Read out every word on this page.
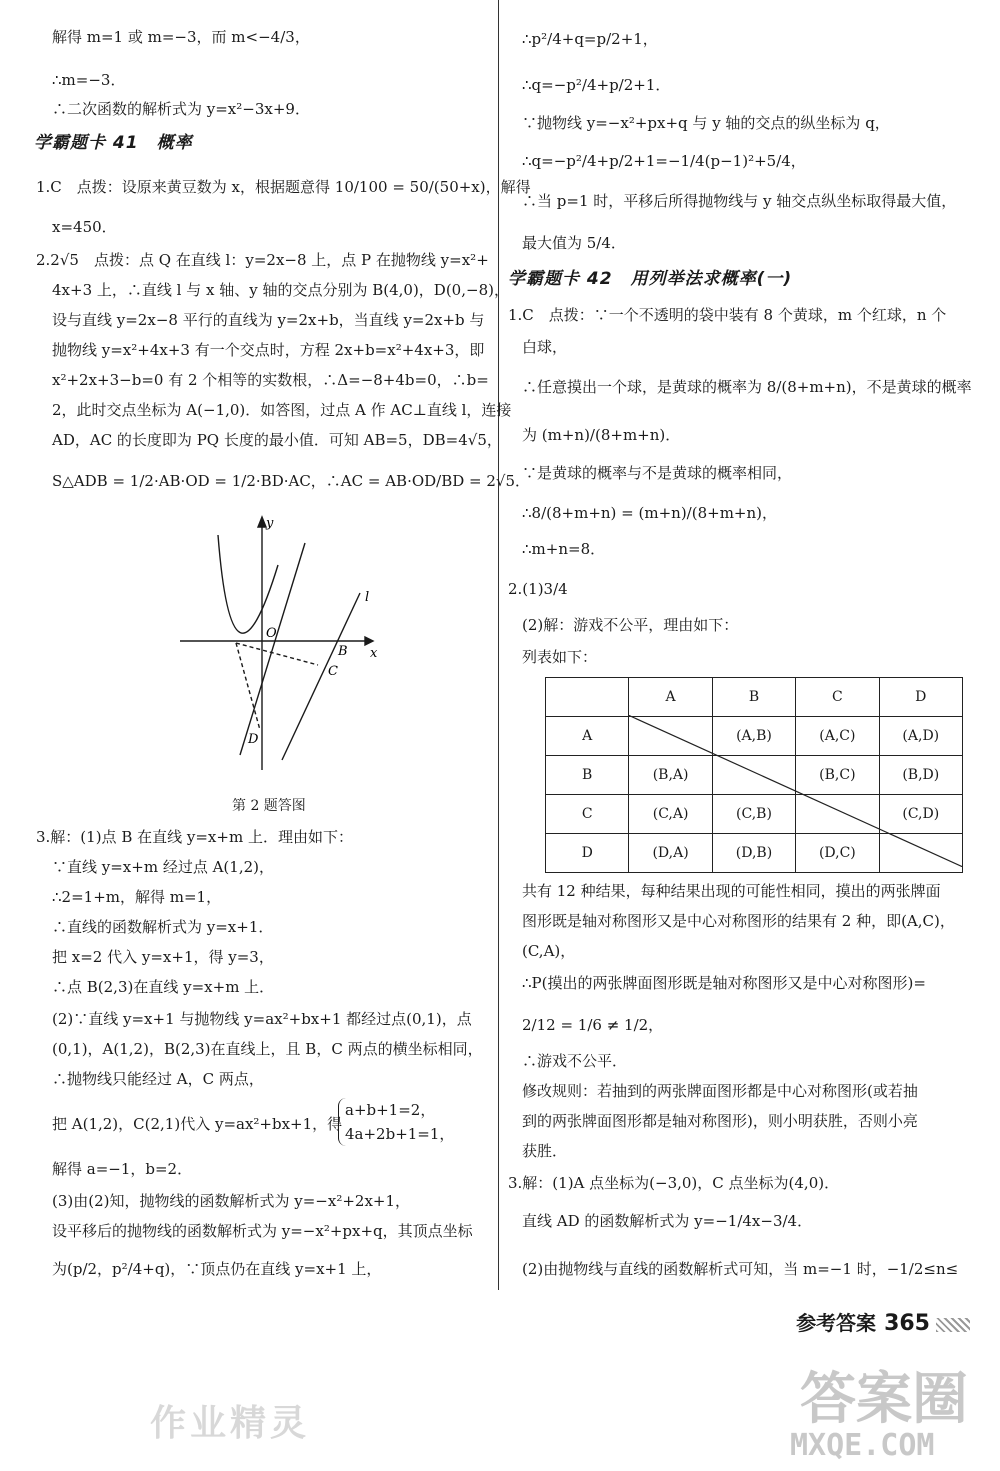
解得 m=1 或 m=−3，而 m<−4/3，
∴m=−3．
∴二次函数的解析式为 y=x²−3x+9．
学霸题卡 41　概率
1.C　点拨：设原来黄豆数为 x，根据题意得 10/100 = 50/(50+x)，解得
x=450．
2.2√5　点拨：点 Q 在直线 l：y=2x−8 上，点 P 在抛物线 y=x²+
4x+3 上，∴直线 l 与 x 轴、y 轴的交点分别为 B(4,0)，D(0,−8)，
设与直线 y=2x−8 平行的直线为 y=2x+b，当直线 y=2x+b 与
抛物线 y=x²+4x+3 有一个交点时，方程 2x+b=x²+4x+3，即
x²+2x+3−b=0 有 2 个相等的实数根，∴Δ=−8+4b=0，∴b=
2，此时交点坐标为 A(−1,0)．如答图，过点 A 作 AC⊥直线 l，连接
AD，AC 的长度即为 PQ 长度的最小值．可知 AB=5，DB=4√5，
S△ADB = 1/2·AB·OD = 1/2·BD·AC，∴AC = AB·OD/BD = 2√5．
y
x
O
B
C
D
l
第 2 题答图
3.解：(1)点 B 在直线 y=x+m 上．理由如下：
∵直线 y=x+m 经过点 A(1,2)，
∴2=1+m，解得 m=1，
∴直线的函数解析式为 y=x+1．
把 x=2 代入 y=x+1，得 y=3，
∴点 B(2,3)在直线 y=x+m 上．
(2)∵直线 y=x+1 与抛物线 y=ax²+bx+1 都经过点(0,1)，点
(0,1)，A(1,2)，B(2,3)在直线上，且 B，C 两点的横坐标相同，
∴抛物线只能经过 A，C 两点，
把 A(1,2)，C(2,1)代入 y=ax²+bx+1，得
a+b+1=2，
4a+2b+1=1，
解得 a=−1，b=2．
(3)由(2)知，抛物线的函数解析式为 y=−x²+2x+1，
设平移后的抛物线的函数解析式为 y=−x²+px+q，其顶点坐标
为(p/2，p²/4+q)，∵顶点仍在直线 y=x+1 上，
∴p²/4+q=p/2+1，
∴q=−p²/4+p/2+1．
∵抛物线 y=−x²+px+q 与 y 轴的交点的纵坐标为 q，
∴q=−p²/4+p/2+1=−1/4(p−1)²+5/4，
∴当 p=1 时，平移后所得抛物线与 y 轴交点纵坐标取得最大值，
最大值为 5/4．
学霸题卡 42　用列举法求概率(一)
1.C　点拨：∵一个不透明的袋中装有 8 个黄球，m 个红球，n 个
白球，
∴任意摸出一个球，是黄球的概率为 8/(8+m+n)，不是黄球的概率
为 (m+n)/(8+m+n)．
∵是黄球的概率与不是黄球的概率相同，
∴8/(8+m+n) = (m+n)/(8+m+n)，
∴m+n=8．
2.(1)3/4
(2)解：游戏不公平，理由如下：
列表如下：
	A	B	C	D
A		(A,B)	(A,C)	(A,D)
B	(B,A)		(B,C)	(B,D)
C	(C,A)	(C,B)		(C,D)
D	(D,A)	(D,B)	(D,C)	
共有 12 种结果，每种结果出现的可能性相同，摸出的两张牌面
图形既是轴对称图形又是中心对称图形的结果有 2 种，即(A,C)，
(C,A)，
∴P(摸出的两张牌面图形既是轴对称图形又是中心对称图形)=
2/12 = 1/6 ≠ 1/2，
∴游戏不公平．
修改规则：若抽到的两张牌面图形都是中心对称图形(或若抽
到的两张牌面图形都是轴对称图形)，则小明获胜，否则小亮
获胜．
3.解：(1)A 点坐标为(−3,0)，C 点坐标为(4,0)．
直线 AD 的函数解析式为 y=−1/4x−3/4．
(2)由抛物线与直线的函数解析式可知，当 m=−1 时，−1/2≤n≤
参考答案 365
作业精灵	答案圈
MXQE.COM
